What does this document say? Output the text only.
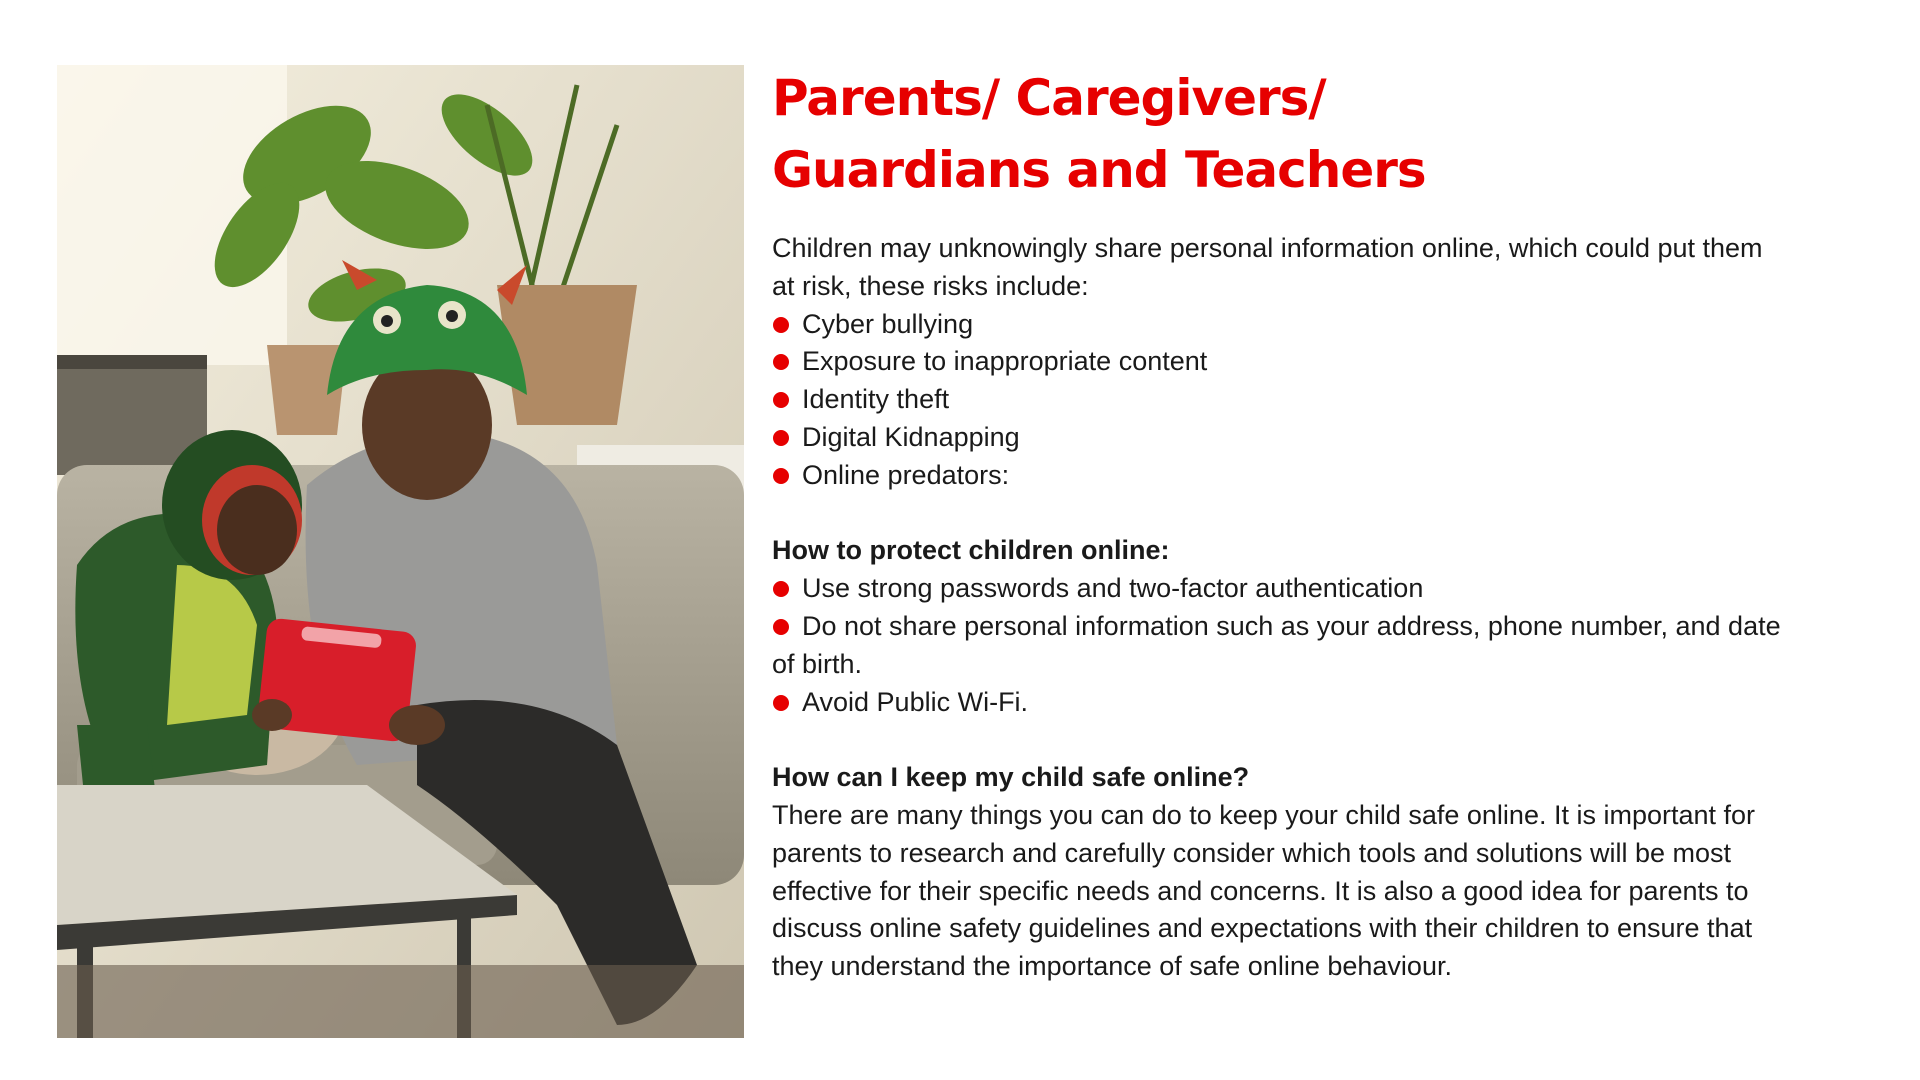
Parents/ Caregivers/
Guardians and Teachers

Children may unknowingly share personal information online, which could put them at risk, these risks include:

Cyber bullying
Exposure to inappropriate content
Identity theft
Digital Kidnapping
Online predators:
How to protect children online:
Use strong passwords and two-factor authentication
Do not share personal information such as your address, phone number, and date of birth.
Avoid Public Wi-Fi.
How can I keep my child safe online?

There are many things you can do to keep your child safe online. It is important for parents to research and carefully consider which tools and solutions will be most effective for their specific needs and concerns. It is also a good idea for parents to discuss online safety guidelines and expectations with their children to ensure that they understand the importance of safe online behaviour.
